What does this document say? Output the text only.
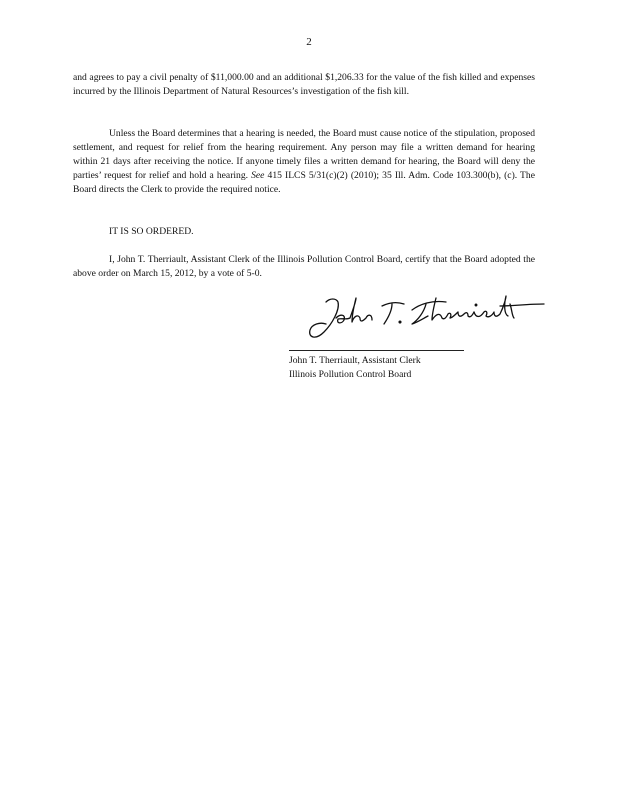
2

and agrees to pay a civil penalty of $11,000.00 and an additional $1,206.33 for the value of the fish killed and expenses incurred by the Illinois Department of Natural Resources’s investigation of the fish kill.

Unless the Board determines that a hearing is needed, the Board must cause notice of the stipulation, proposed settlement, and request for relief from the hearing requirement. Any person may file a written demand for hearing within 21 days after receiving the notice. If anyone timely files a written demand for hearing, the Board will deny the parties’ request for relief and hold a hearing. See 415 ILCS 5/31(c)(2) (2010); 35 Ill. Adm. Code 103.300(b), (c). The Board directs the Clerk to provide the required notice.

IT IS SO ORDERED.

I, John T. Therriault, Assistant Clerk of the Illinois Pollution Control Board, certify that the Board adopted the above order on March 15, 2012, by a vote of 5-0.

John T. Therriault, Assistant Clerk
Illinois Pollution Control Board
